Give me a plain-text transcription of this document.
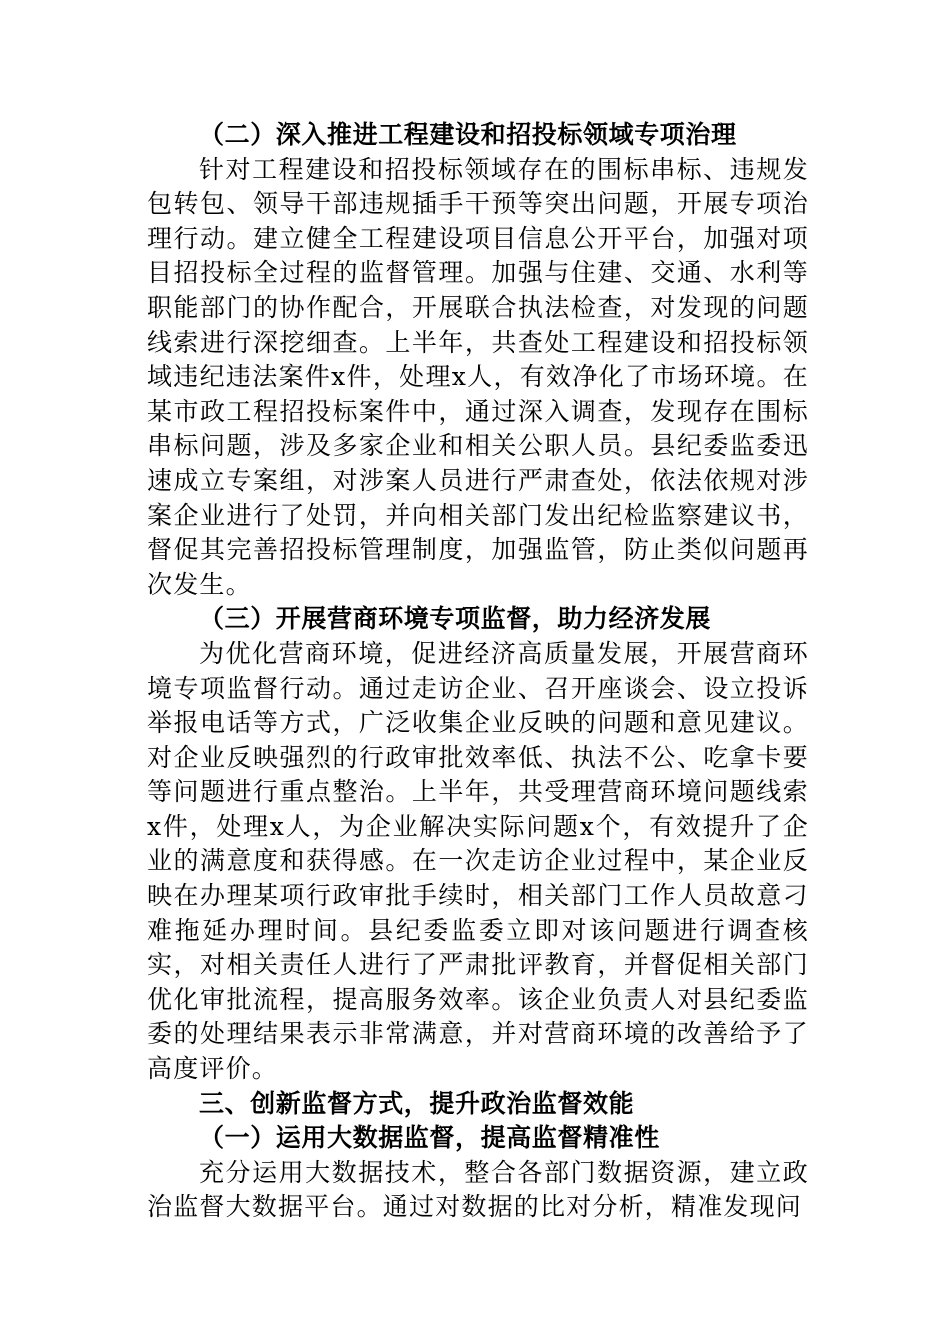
（二）深入推进工程建设和招投标领域专项治理

针对工程建设和招投标领域存在的围标串标、违规发包转包、领导干部违规插手干预等突出问题，开展专项治理行动。建立健全工程建设项目信息公开平台，加强对项目招投标全过程的监督管理。加强与住建、交通、水利等职能部门的协作配合，开展联合执法检查，对发现的问题线索进行深挖细查。上半年，共查处工程建设和招投标领域违纪违法案件x件，处理x人，有效净化了市场环境。在某市政工程招投标案件中，通过深入调查，发现存在围标串标问题，涉及多家企业和相关公职人员。县纪委监委迅速成立专案组，对涉案人员进行严肃查处，依法依规对涉案企业进行了处罚，并向相关部门发出纪检监察建议书，督促其完善招投标管理制度，加强监管，防止类似问题再次发生。

（三）开展营商环境专项监督，助力经济发展

为优化营商环境，促进经济高质量发展，开展营商环境专项监督行动。通过走访企业、召开座谈会、设立投诉举报电话等方式，广泛收集企业反映的问题和意见建议。对企业反映强烈的行政审批效率低、执法不公、吃拿卡要等问题进行重点整治。上半年，共受理营商环境问题线索x件，处理x人，为企业解决实际问题x个，有效提升了企业的满意度和获得感。在一次走访企业过程中，某企业反映在办理某项行政审批手续时，相关部门工作人员故意刁难拖延办理时间。县纪委监委立即对该问题进行调查核实，对相关责任人进行了严肃批评教育，并督促相关部门优化审批流程，提高服务效率。该企业负责人对县纪委监委的处理结果表示非常满意，并对营商环境的改善给予了高度评价。

三、创新监督方式，提升政治监督效能

（一）运用大数据监督，提高监督精准性

充分运用大数据技术，整合各部门数据资源，建立政治监督大数据平台。通过对数据的比对分析，精准发现问
